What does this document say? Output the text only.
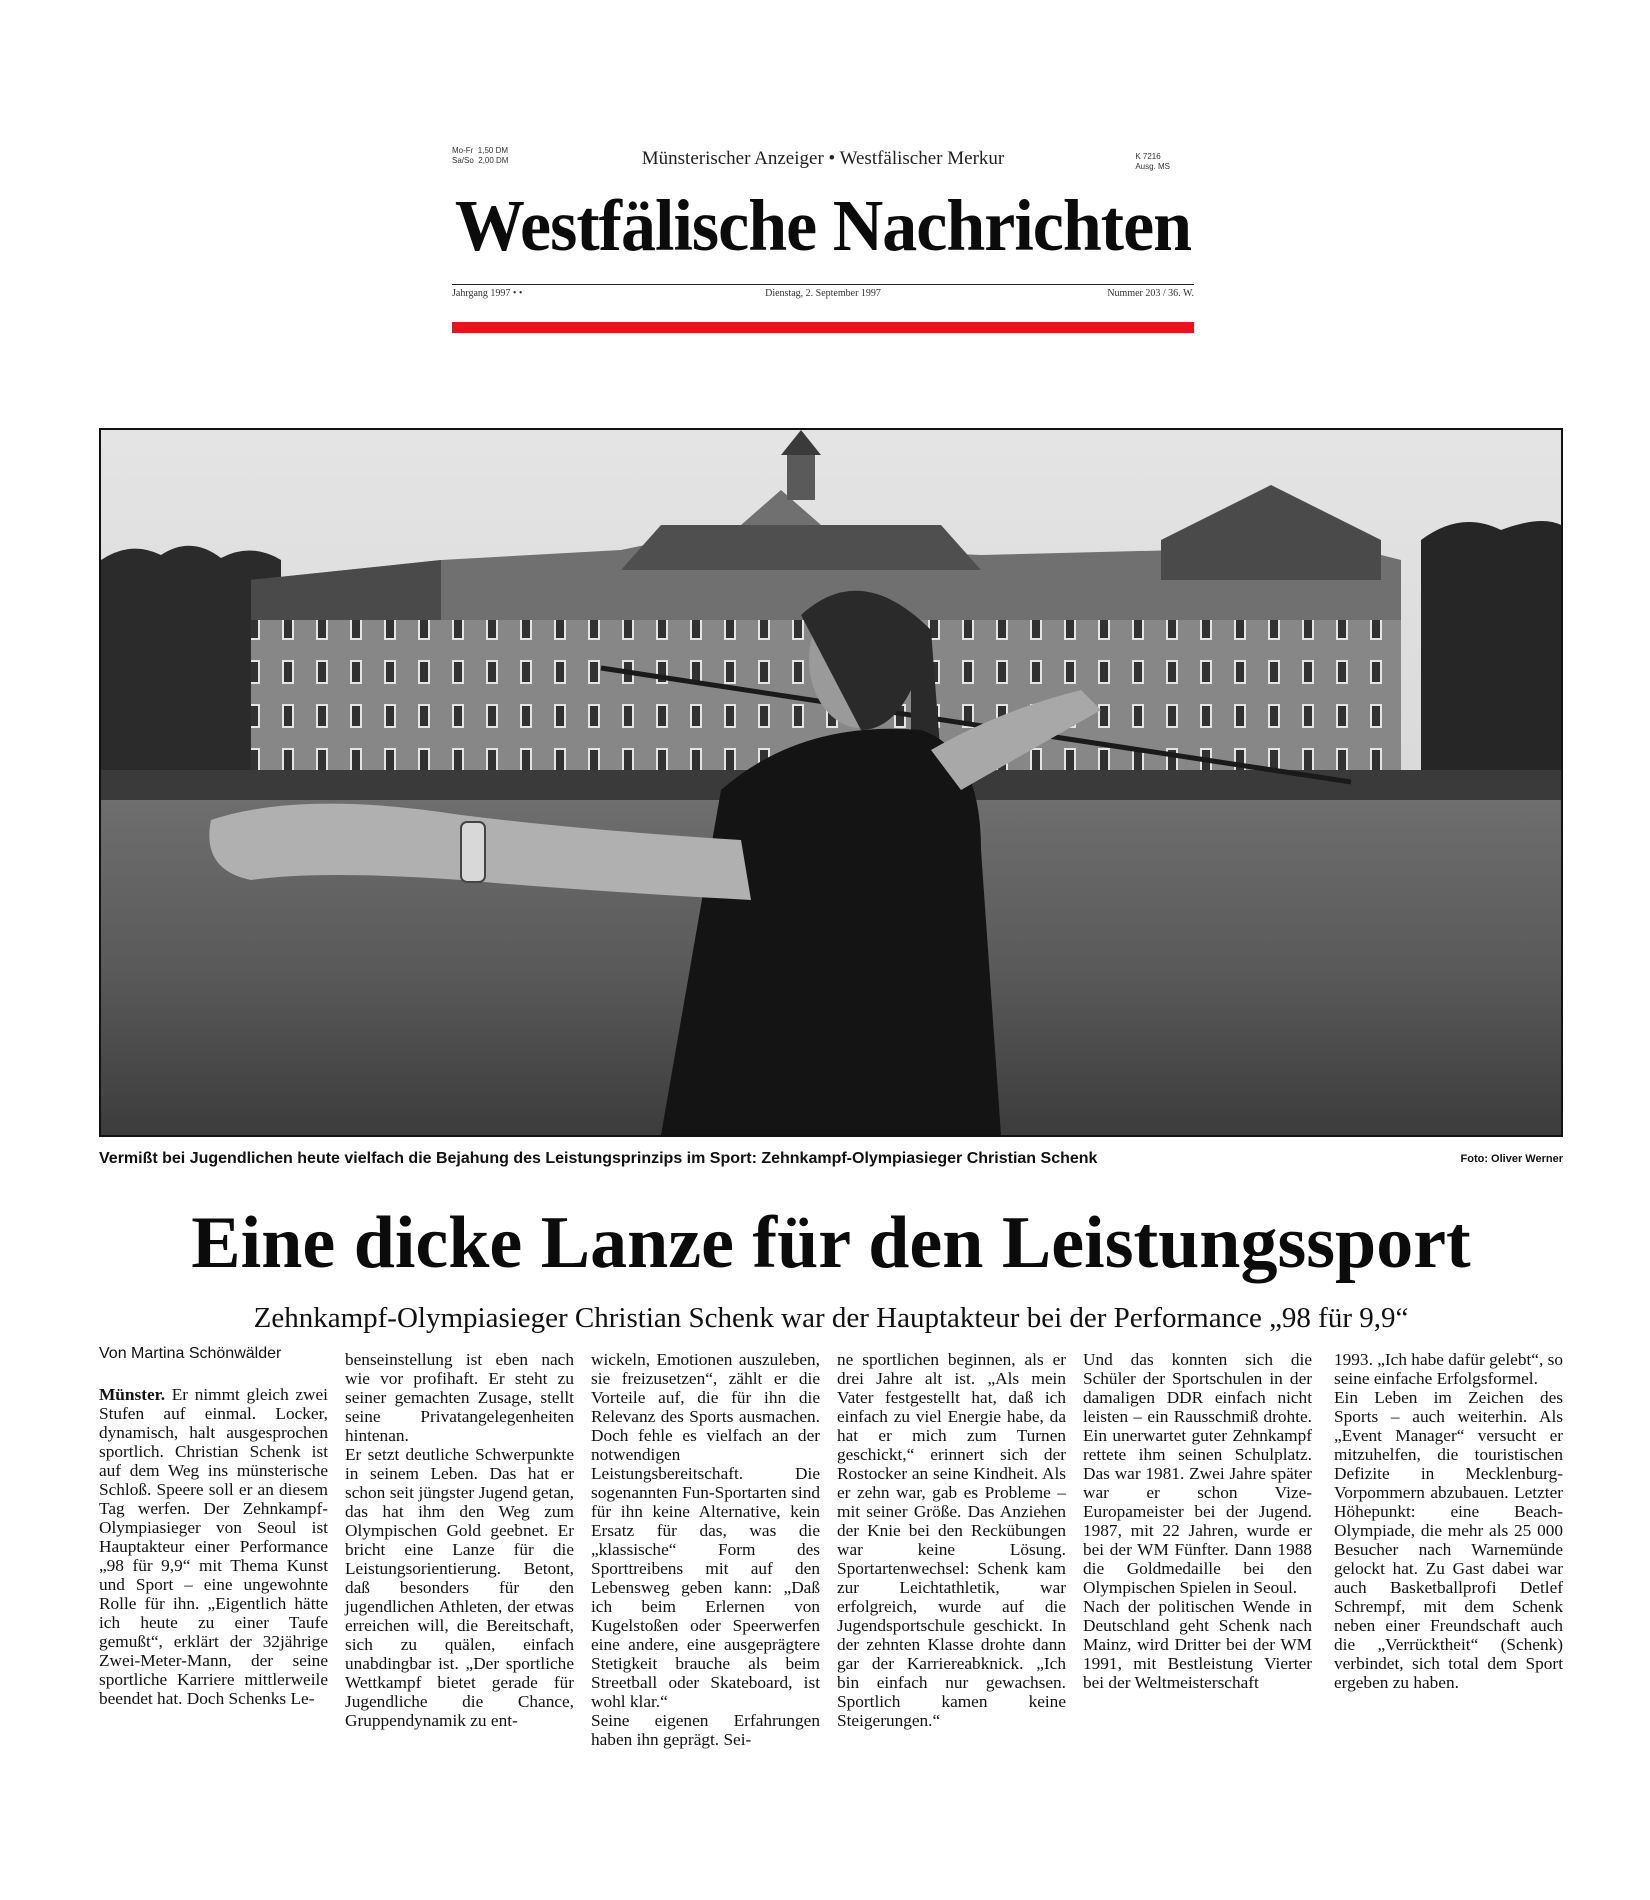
Mo-Fr  1,50 DM
Sa/So  2,00 DM	Münsterischer Anzeiger • Westfälischer Merkur	K 7216
Ausg. MS
Westfälische Nachrichten
Jahrgang 1997 • •	Dienstag, 2. September 1997	Nummer 203 / 36. W.
Vermißt bei Jugendlichen heute vielfach die Bejahung des Leistungsprinzips im Sport: Zehnkampf-Olympiasieger Christian Schenk	Foto: Oliver Werner
Eine dicke Lanze für den Leistungssport
Zehnkampf-Olympiasieger Christian Schenk war der Hauptakteur bei der Performance „98 für 9,9“
Von Martina Schönwälder
Münster. Er nimmt gleich zwei Stufen auf einmal. Locker, dynamisch, halt ausgesprochen sportlich. Christian Schenk ist auf dem Weg ins münsterische Schloß. Speere soll er an diesem Tag werfen. Der Zehnkampf-Olympiasieger von Seoul ist Hauptakteur einer Performance „98 für 9,9“ mit Thema Kunst und Sport – eine ungewohnte Rolle für ihn. „Eigentlich hätte ich heute zu einer Taufe gemußt“, erklärt der 32jährige Zwei-Meter-Mann, der seine sportliche Karriere mittlerweile beendet hat. Doch Schenks Le-
benseinstellung ist eben nach wie vor profihaft. Er steht zu seiner gemachten Zusage, stellt seine Privatangelegenheiten hintenan.
Er setzt deutliche Schwerpunkte in seinem Leben. Das hat er schon seit jüngster Jugend getan, das hat ihm den Weg zum Olympischen Gold geebnet. Er bricht eine Lanze für die Leistungsorientierung. Betont, daß besonders für den jugendlichen Athleten, der etwas erreichen will, die Bereitschaft, sich zu quälen, einfach unabdingbar ist. „Der sportliche Wettkampf bietet gerade für Jugendliche die Chance, Gruppendynamik zu ent-
wickeln, Emotionen auszuleben, sie freizusetzen“, zählt er die Vorteile auf, die für ihn die Relevanz des Sports ausmachen. Doch fehle es vielfach an der notwendigen Leistungsbereitschaft. Die sogenannten Fun-Sportarten sind für ihn keine Alternative, kein Ersatz für das, was die „klassische“ Form des Sporttreibens mit auf den Lebensweg geben kann: „Daß ich beim Erlernen von Kugelstoßen oder Speerwerfen eine andere, eine ausgeprägtere Stetigkeit brauche als beim Streetball oder Skateboard, ist wohl klar.“
Seine eigenen Erfahrungen haben ihn geprägt. Sei-
ne sportlichen beginnen, als er drei Jahre alt ist. „Als mein Vater festgestellt hat, daß ich einfach zu viel Energie habe, da hat er mich zum Turnen geschickt,“ erinnert sich der Rostocker an seine Kindheit. Als er zehn war, gab es Probleme – mit seiner Größe. Das Anziehen der Knie bei den Reckübungen war keine Lösung. Sportartenwechsel: Schenk kam zur Leichtathletik, war erfolgreich, wurde auf die Jugendsportschule geschickt. In der zehnten Klasse drohte dann gar der Karriereabknick. „Ich bin einfach nur gewachsen. Sportlich kamen keine Steigerungen.“
Und das konnten sich die Schüler der Sportschulen in der damaligen DDR einfach nicht leisten – ein Rausschmiß drohte. Ein unerwartet guter Zehnkampf rettete ihm seinen Schulplatz. Das war 1981. Zwei Jahre später war er schon Vize-Europameister bei der Jugend. 1987, mit 22 Jahren, wurde er bei der WM Fünfter. Dann 1988 die Goldmedaille bei den Olympischen Spielen in Seoul.
Nach der politischen Wende in Deutschland geht Schenk nach Mainz, wird Dritter bei der WM 1991, mit Bestleistung Vierter bei der Weltmeisterschaft
1993. „Ich habe dafür gelebt“, so seine einfache Erfolgsformel.
Ein Leben im Zeichen des Sports – auch weiterhin. Als „Event Manager“ versucht er mitzuhelfen, die touristischen Defizite in Mecklenburg-Vorpommern abzubauen. Letzter Höhepunkt: eine Beach-Olympiade, die mehr als 25 000 Besucher nach Warnemünde gelockt hat. Zu Gast dabei war auch Basketballprofi Detlef Schrempf, mit dem Schenk neben einer Freundschaft auch die „Verrücktheit“ (Schenk) verbindet, sich total dem Sport ergeben zu haben.
